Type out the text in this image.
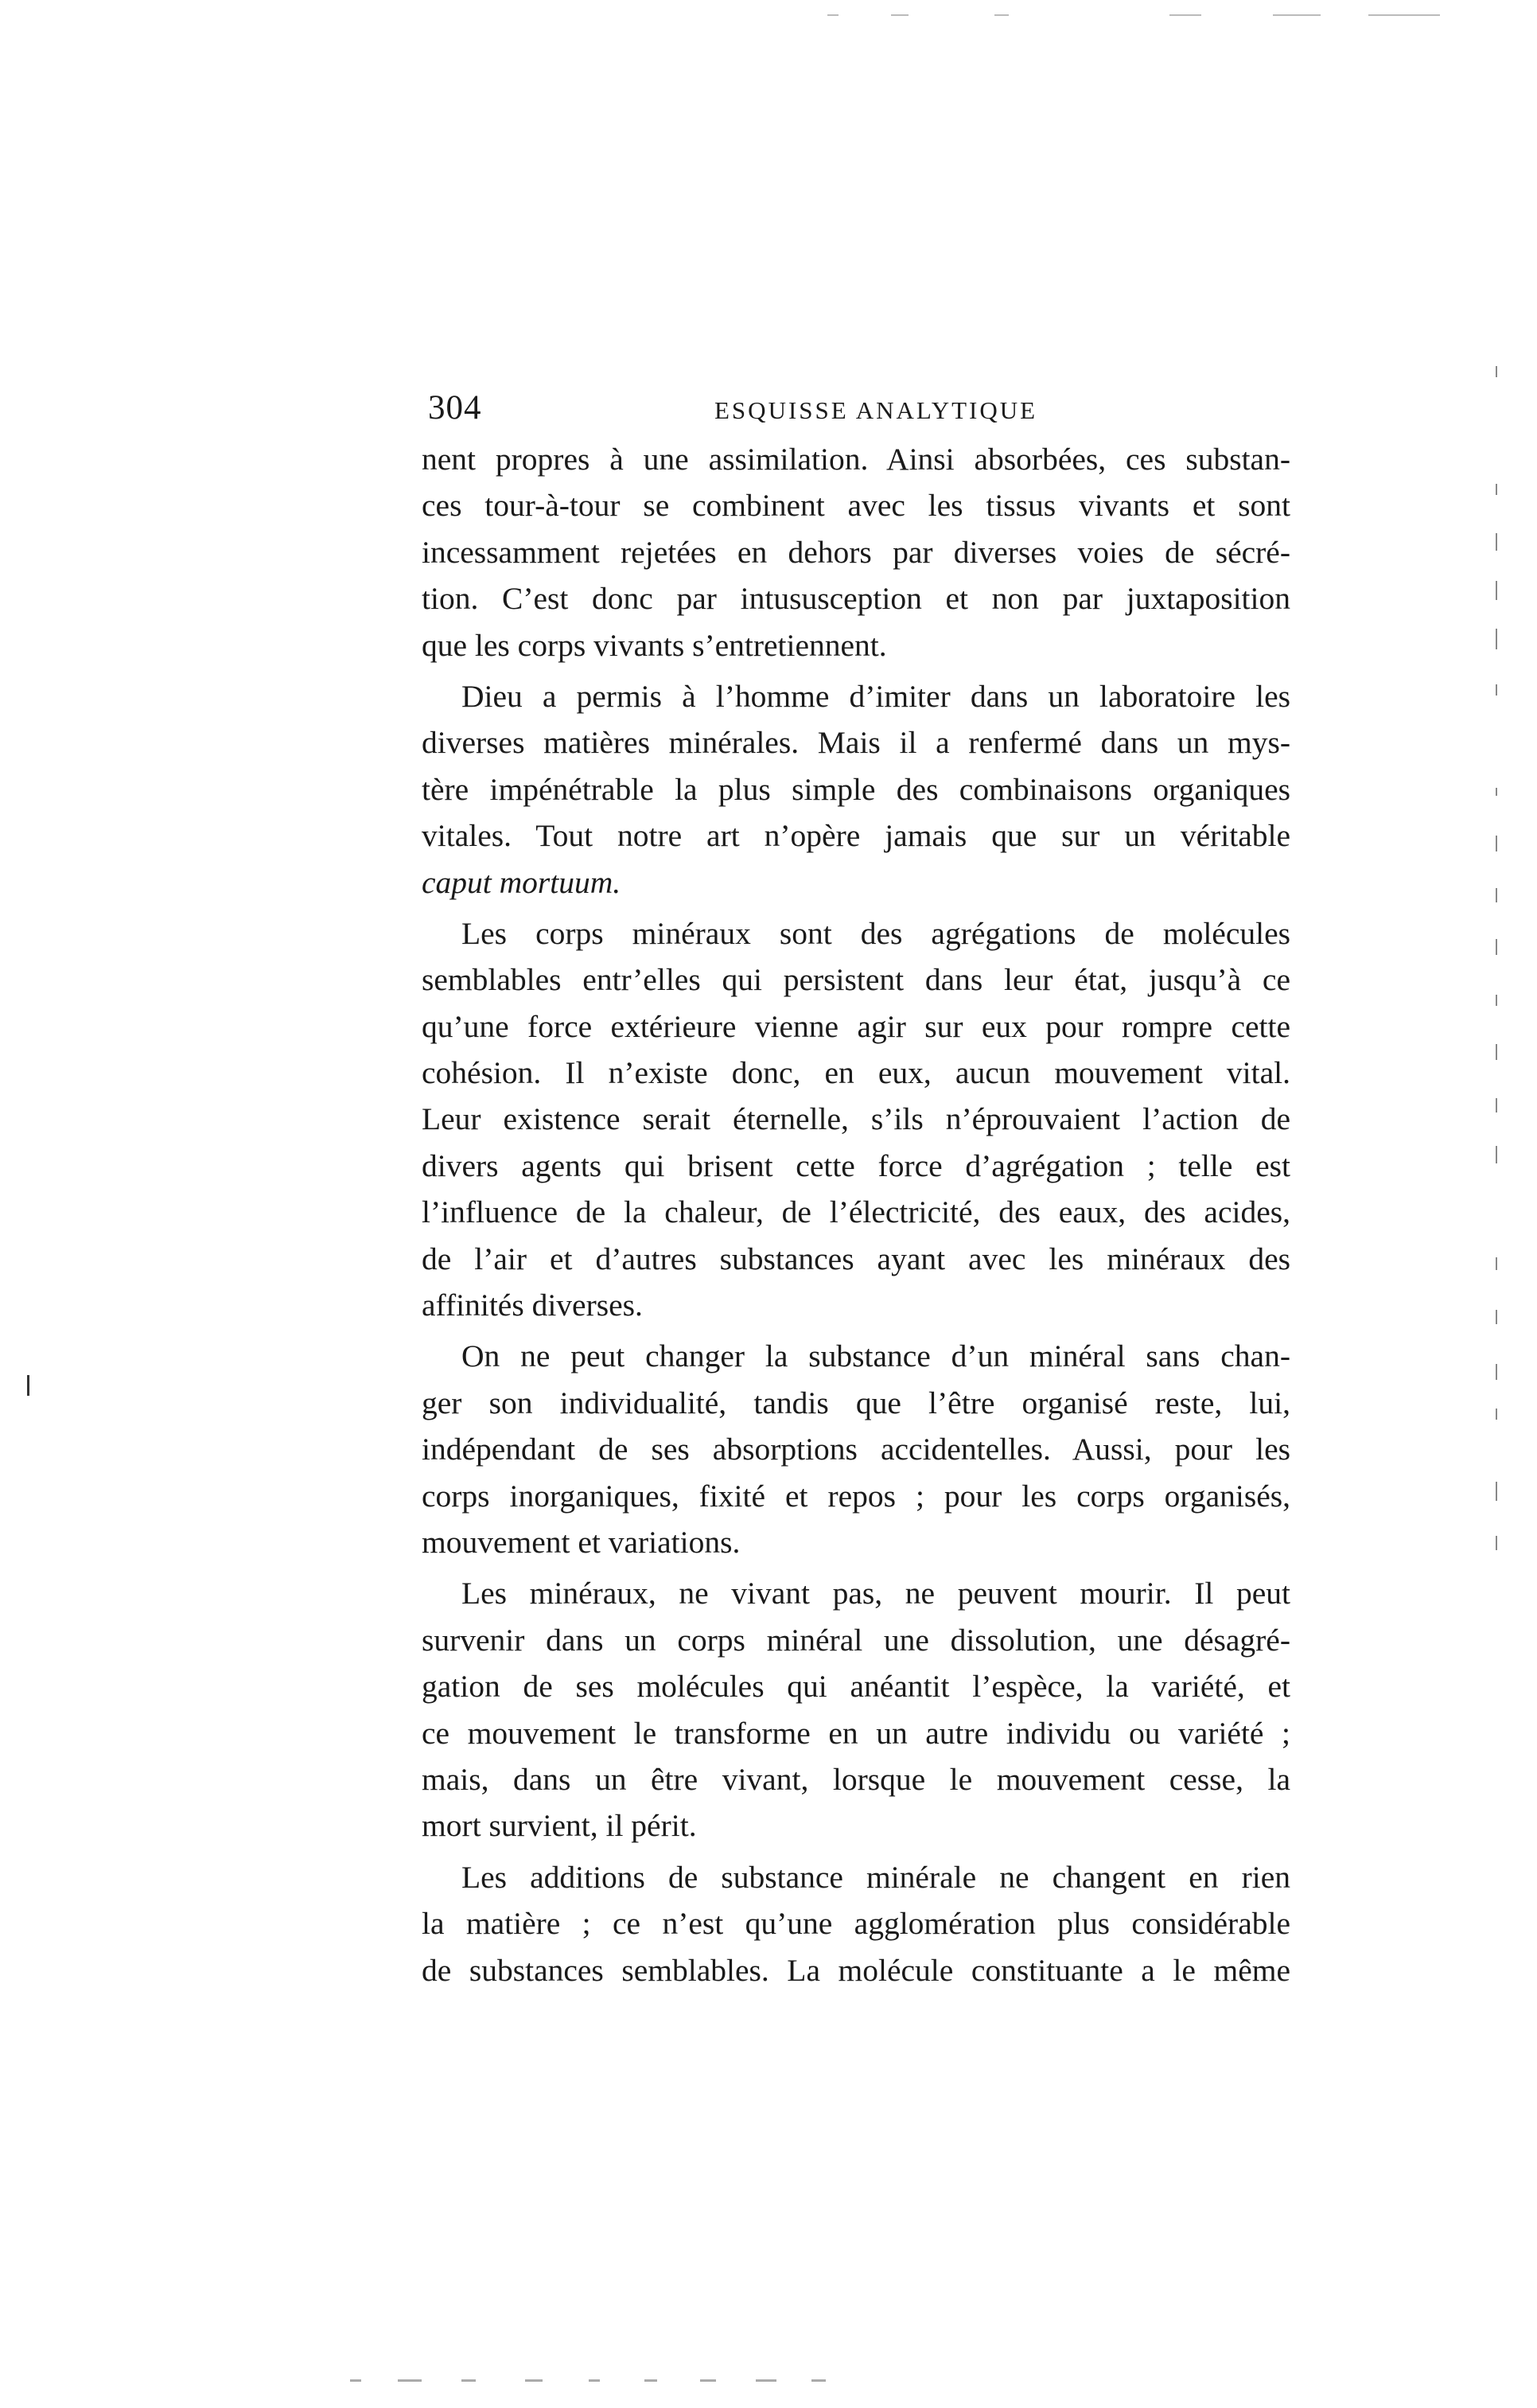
304	ESQUISSE ANALYTIQUE
nent propres à une assimilation. Ainsi absorbées, ces substan-
ces tour-à-tour se combinent avec les tissus vivants et sont
incessamment rejetées en dehors par diverses voies de sécré-
tion. C’est donc par intususception et non par juxtaposition
que les corps vivants s’entretiennent.
Dieu a permis à l’homme d’imiter dans un laboratoire les
diverses matières minérales. Mais il a renfermé dans un mys-
tère impénétrable la plus simple des combinaisons organiques
vitales. Tout notre art n’opère jamais que sur un véritable
caput mortuum.
Les corps minéraux sont des agrégations de molécules
semblables entr’elles qui persistent dans leur état, jusqu’à ce
qu’une force extérieure vienne agir sur eux pour rompre cette
cohésion. Il n’existe donc, en eux, aucun mouvement vital.
Leur existence serait éternelle, s’ils n’éprouvaient l’action de
divers agents qui brisent cette force d’agrégation ; telle est
l’influence de la chaleur, de l’électricité, des eaux, des acides,
de l’air et d’autres substances ayant avec les minéraux des
affinités diverses.
On ne peut changer la substance d’un minéral sans chan-
ger son individualité, tandis que l’être organisé reste, lui,
indépendant de ses absorptions accidentelles. Aussi, pour les
corps inorganiques, fixité et repos ; pour les corps organisés,
mouvement et variations.
Les minéraux, ne vivant pas, ne peuvent mourir. Il peut
survenir dans un corps minéral une dissolution, une désagré-
gation de ses molécules qui anéantit l’espèce, la variété, et
ce mouvement le transforme en un autre individu ou variété ;
mais, dans un être vivant, lorsque le mouvement cesse, la
mort survient, il périt.
Les additions de substance minérale ne changent en rien
la matière ; ce n’est qu’une agglomération plus considérable
de substances semblables. La molécule constituante a le même
